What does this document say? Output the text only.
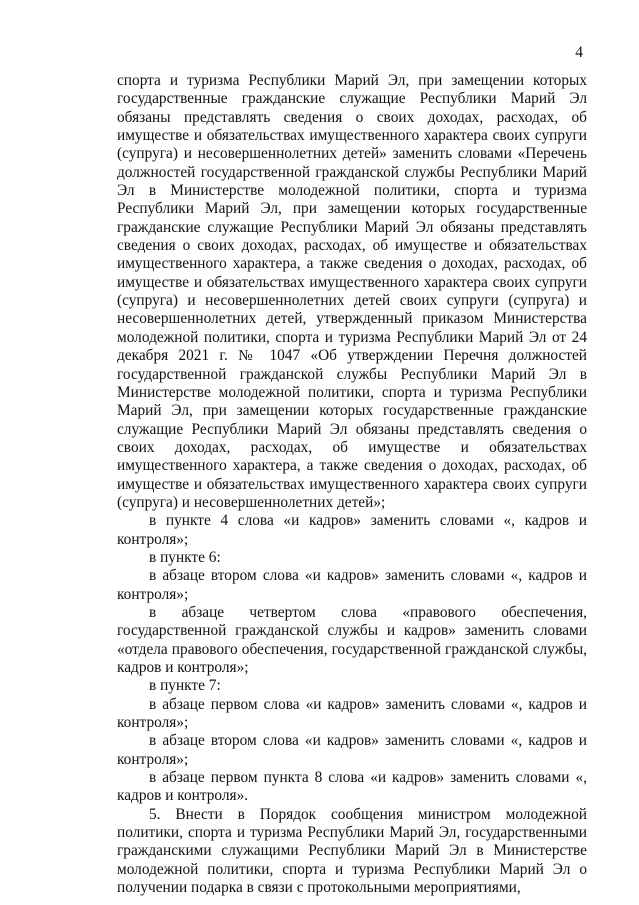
4

спорта и туризма Республики Марий Эл, при замещении которых государственные гражданские служащие Республики Марий Эл обязаны представлять сведения о своих доходах, расходах, об имуществе и обязательствах имущественного характера своих супруги (супруга) и несовершеннолетних детей» заменить словами «Перечень должностей государственной гражданской службы Республики Марий Эл в Министерстве молодежной политики, спорта и туризма Республики Марий Эл, при замещении которых государственные гражданские служащие Республики Марий Эл обязаны представлять сведения о своих доходах, расходах, об имуществе и обязательствах имущественного характера, а также сведения о доходах, расходах, об имуществе и обязательствах имущественного характера своих супруги (супруга) и несовершеннолетних детей своих супруги (супруга) и несовершеннолетних детей, утвержденный приказом Министерства молодежной политики, спорта и туризма Республики Марий Эл от 24 декабря 2021 г. № 1047 «Об утверждении Перечня должностей государственной гражданской службы Республики Марий Эл в Министерстве молодежной политики, спорта и туризма Республики Марий Эл, при замещении которых государственные гражданские служащие Республики Марий Эл обязаны представлять сведения о своих доходах, расходах, об имуществе и обязательствах имущественного характера, а также сведения о доходах, расходах, об имуществе и обязательствах имущественного характера своих супруги (супруга) и несовершеннолетних детей»;

в пункте 4 слова «и кадров» заменить словами «, кадров и контроля»;

в пункте 6:

в абзаце втором слова «и кадров» заменить словами «, кадров и контроля»;

в абзаце четвертом слова «правового обеспечения, государственной гражданской службы и кадров» заменить словами «отдела правового обеспечения, государственной гражданской службы, кадров и контроля»;

в пункте 7:

в абзаце первом слова «и кадров» заменить словами «, кадров и контроля»;

в абзаце втором слова «и кадров» заменить словами «, кадров и контроля»;

в абзаце первом пункта 8 слова «и кадров» заменить словами «, кадров и контроля».

5. Внести в Порядок сообщения министром молодежной политики, спорта и туризма Республики Марий Эл, государственными гражданскими служащими Республики Марий Эл в Министерстве молодежной политики, спорта и туризма Республики Марий Эл о получении подарка в связи с протокольными мероприятиями,
